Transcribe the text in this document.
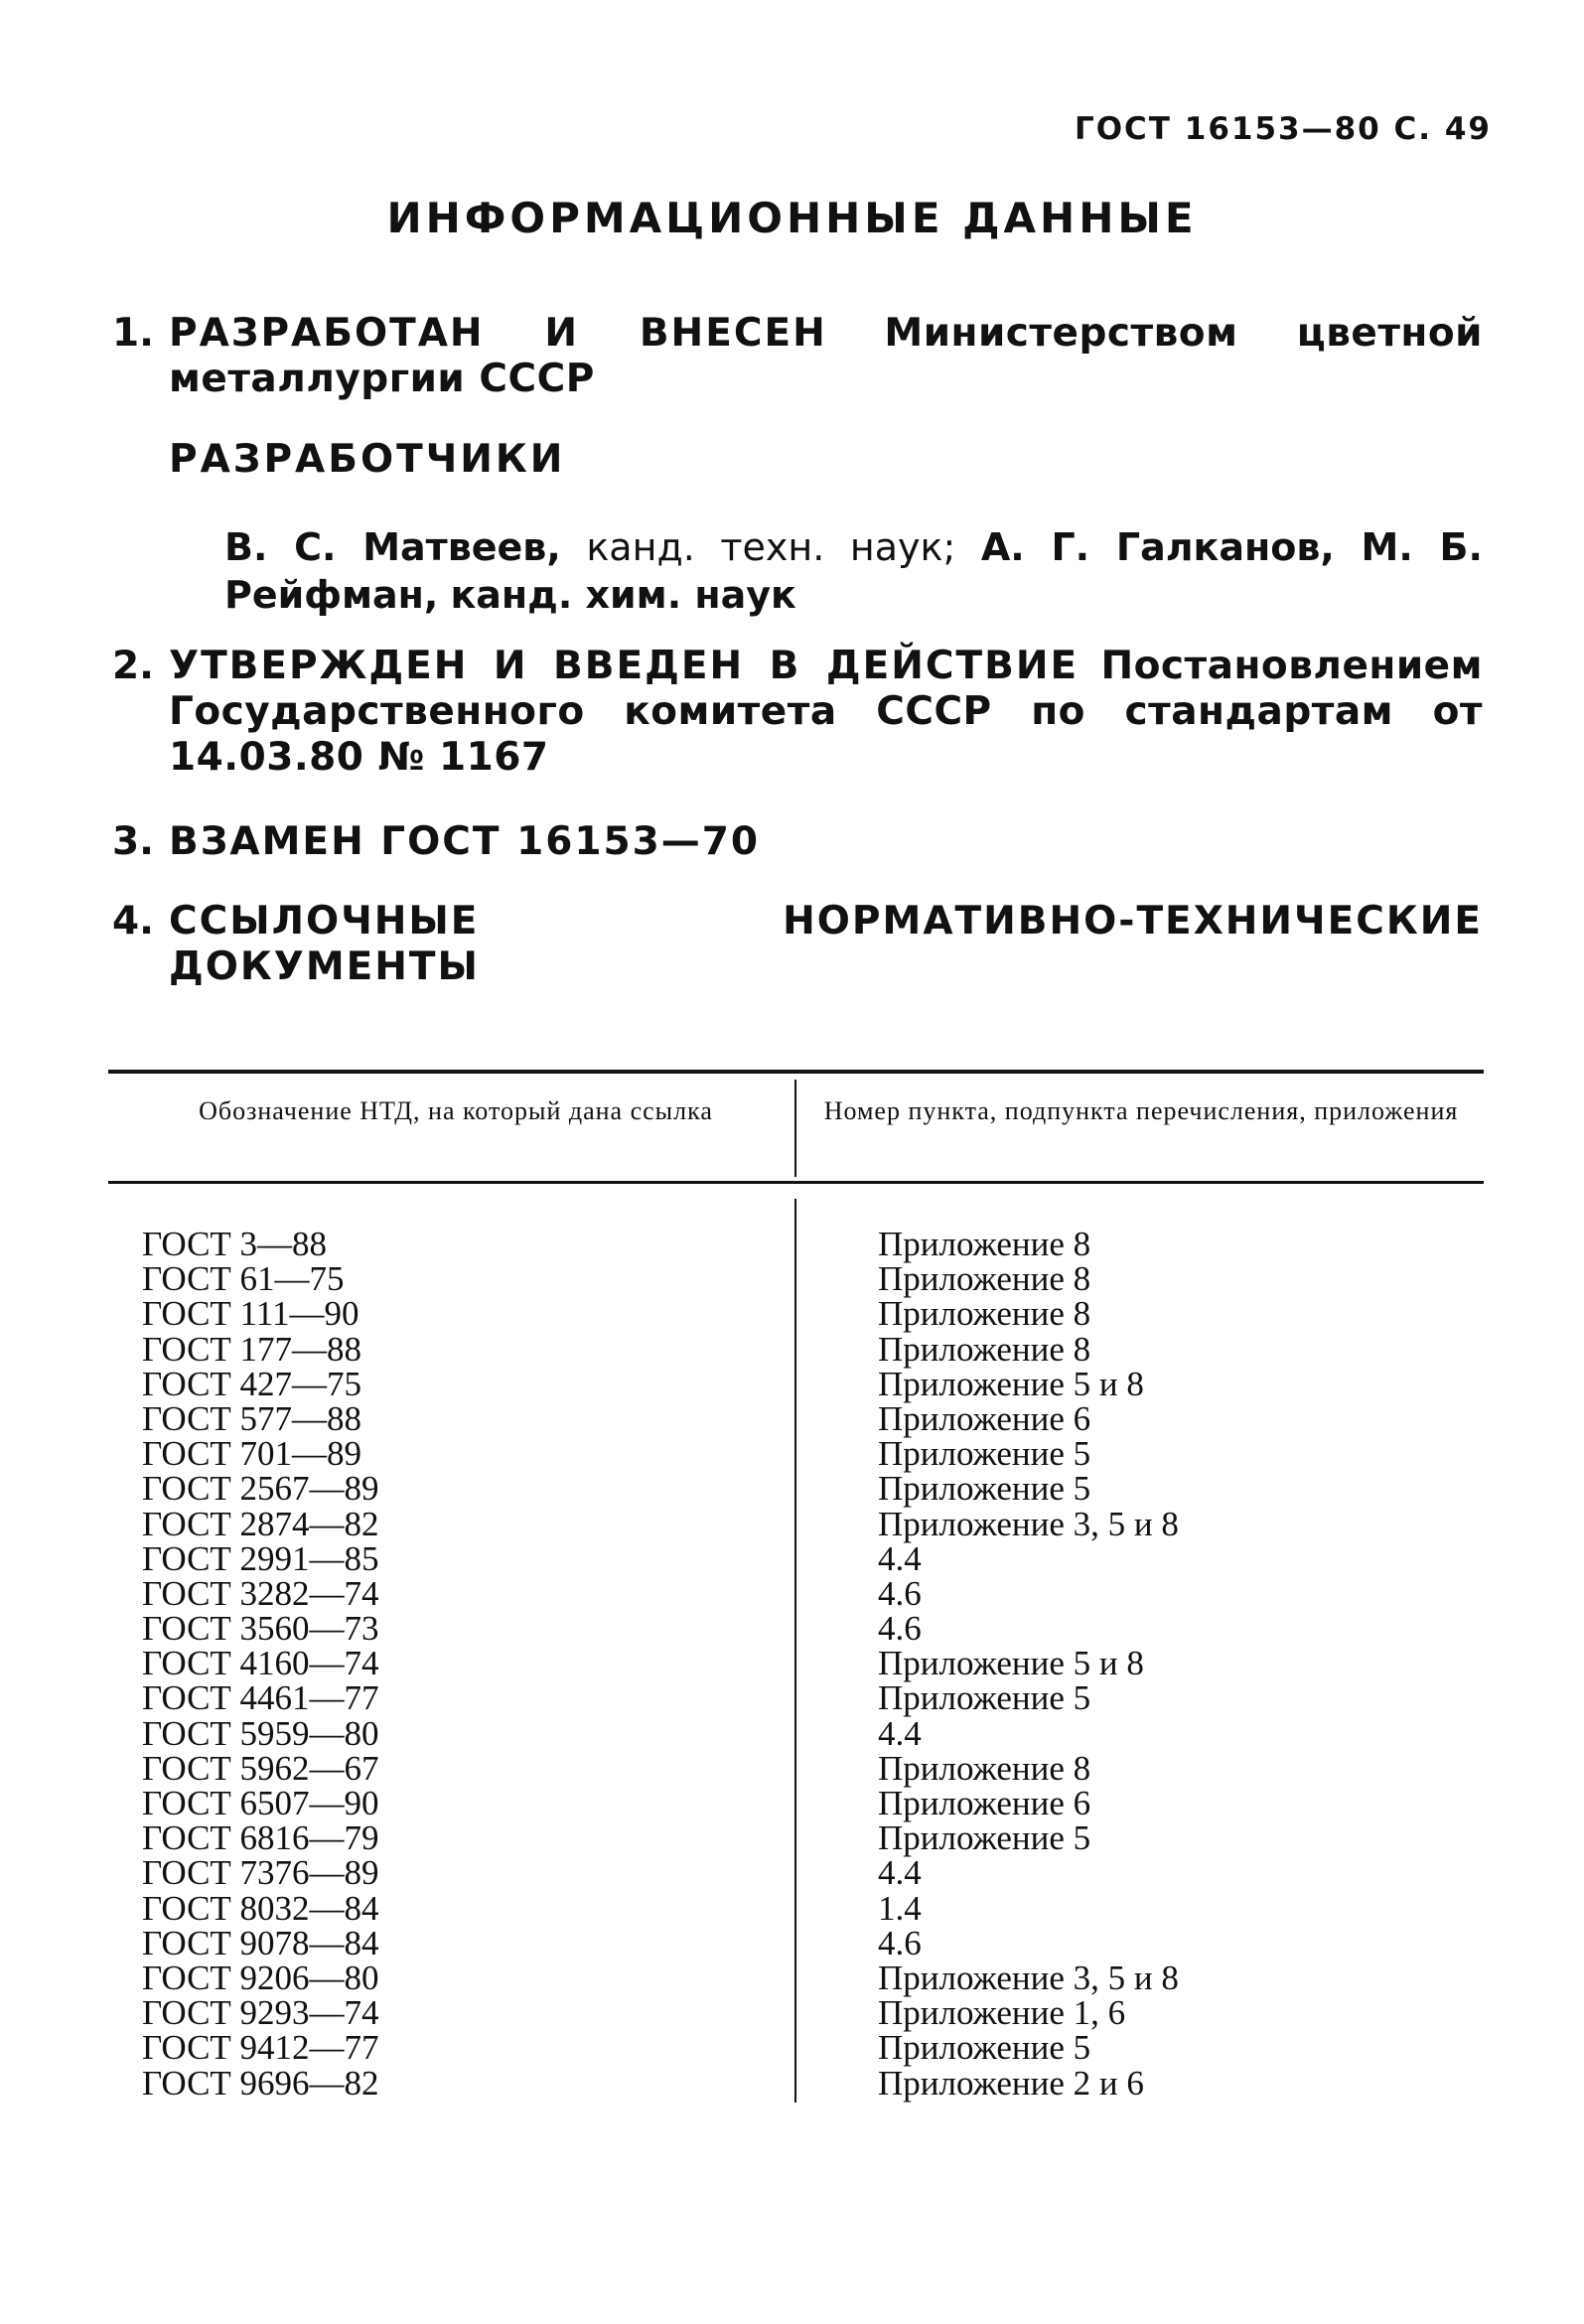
ГОСТ 16153—80 С. 49
ИНФОРМАЦИОННЫЕ ДАННЫЕ
1. РАЗРАБОТАН И ВНЕСЕН Министерством цветной металлургии СССР
РАЗРАБОТЧИКИ
В. С. Матвеев, канд. техн. наук; А. Г. Галканов, М. Б. Рейфман, канд. хим. наук
2. УТВЕРЖДЕН И ВВЕДЕН В ДЕЙСТВИЕ Постановлением Государственного комитета СССР по стандартам от 14.03.80 № 1167
3. ВЗАМЕН ГОСТ 16153—70
4. ССЫЛОЧНЫЕ НОРМАТИВНО-ТЕХНИЧЕСКИЕ ДОКУМЕНТЫ
Обозначение НТД, на который дана ссылка	Номер пункта, подпункта перечисления, приложения
ГОСТ 3—88	Приложение 8
ГОСТ 61—75	Приложение 8
ГОСТ 111—90	Приложение 8
ГОСТ 177—88	Приложение 8
ГОСТ 427—75	Приложение 5 и 8
ГОСТ 577—88	Приложение 6
ГОСТ 701—89	Приложение 5
ГОСТ 2567—89	Приложение 5
ГОСТ 2874—82	Приложение 3, 5 и 8
ГОСТ 2991—85	4.4
ГОСТ 3282—74	4.6
ГОСТ 3560—73	4.6
ГОСТ 4160—74	Приложение 5 и 8
ГОСТ 4461—77	Приложение 5
ГОСТ 5959—80	4.4
ГОСТ 5962—67	Приложение 8
ГОСТ 6507—90	Приложение 6
ГОСТ 6816—79	Приложение 5
ГОСТ 7376—89	4.4
ГОСТ 8032—84	1.4
ГОСТ 9078—84	4.6
ГОСТ 9206—80	Приложение 3, 5 и 8
ГОСТ 9293—74	Приложение 1, 6
ГОСТ 9412—77	Приложение 5
ГОСТ 9696—82	Приложение 2 и 6
